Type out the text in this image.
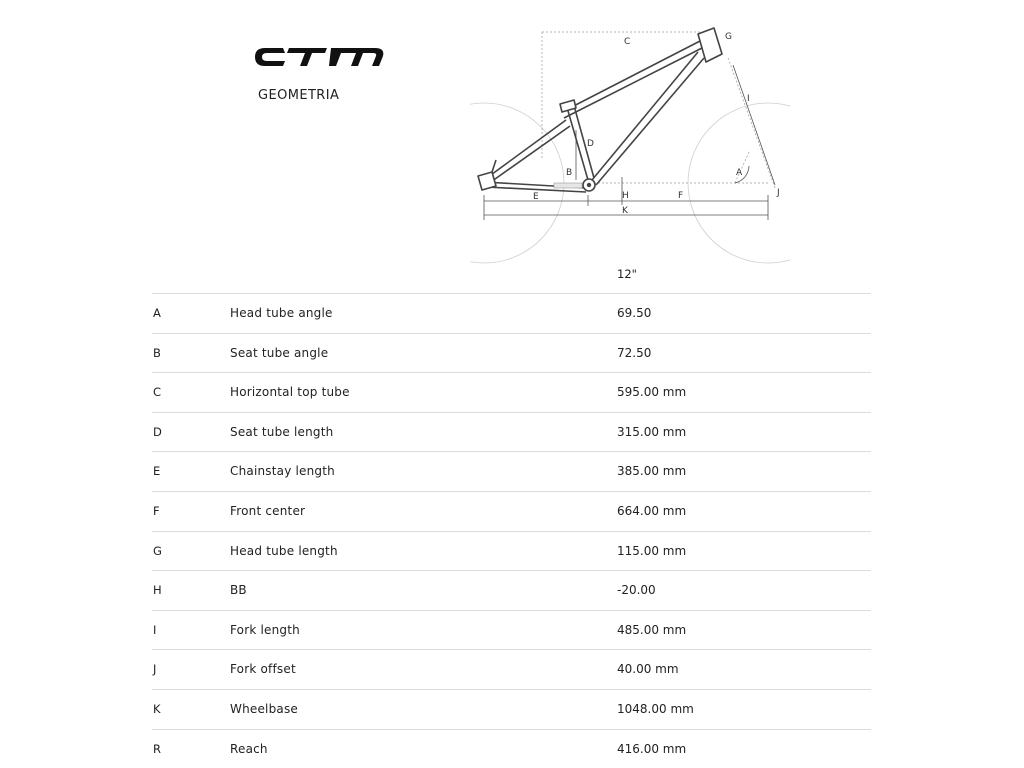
GEOMETRIA
C	G
I
D
B	A
E	H	F	J
K
12"
A	Head tube angle	69.50
B	Seat tube angle	72.50
C	Horizontal top tube	595.00 mm
D	Seat tube length	315.00 mm
E	Chainstay length	385.00 mm
F	Front center	664.00 mm
G	Head tube length	115.00 mm
H	BB	-20.00
I	Fork length	485.00 mm
J	Fork offset	40.00 mm
K	Wheelbase	1048.00 mm
R	Reach	416.00 mm
